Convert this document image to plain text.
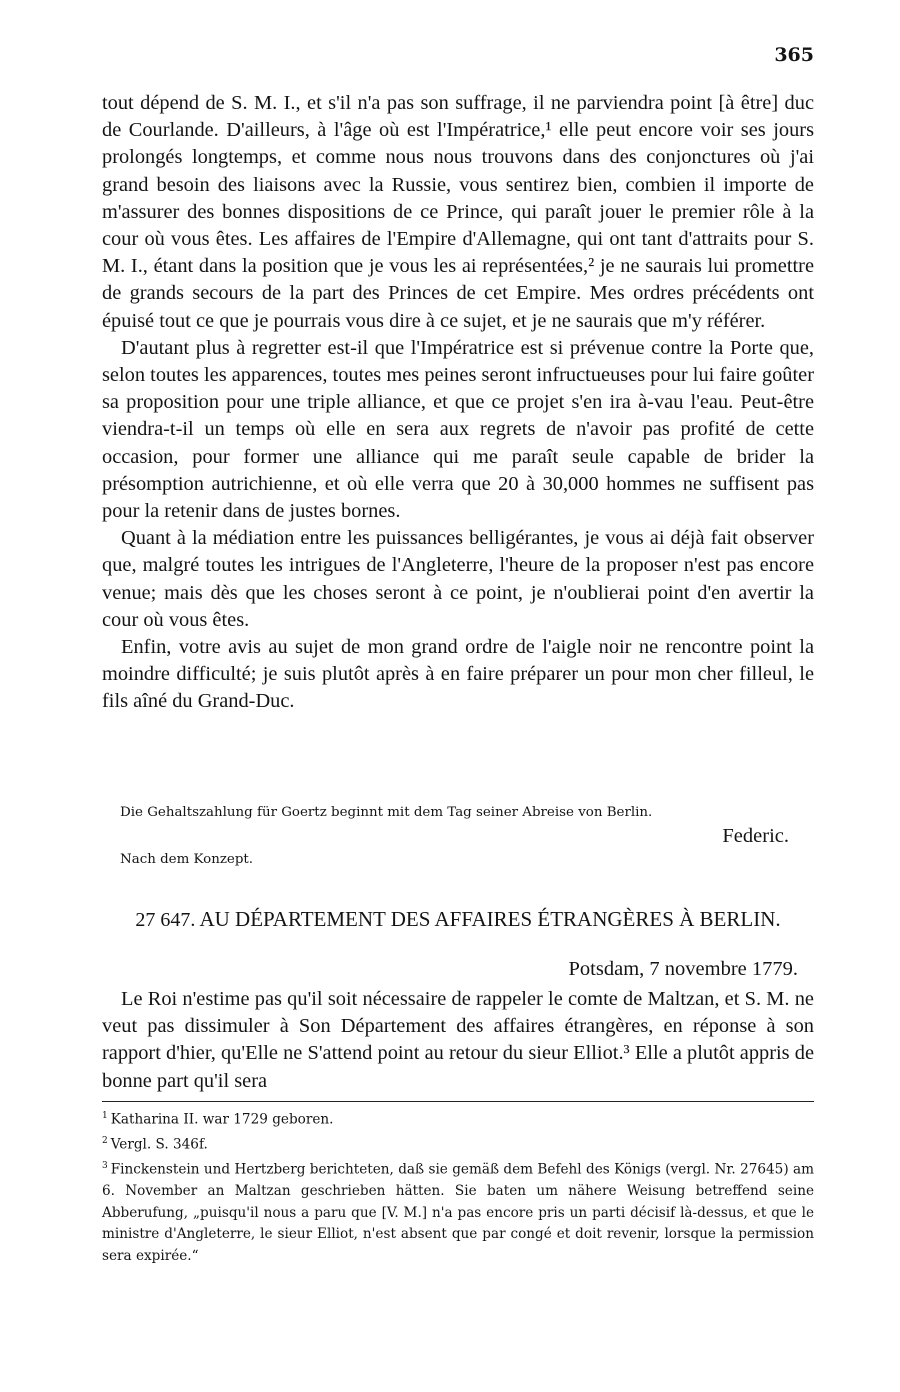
365

tout dépend de S. M. I., et s'il n'a pas son suffrage, il ne parviendra point [à être] duc de Courlande. D'ailleurs, à l'âge où est l'Impératrice,¹ elle peut encore voir ses jours prolongés longtemps, et comme nous nous trouvons dans des conjonctures où j'ai grand besoin des liaisons avec la Russie, vous sentirez bien, combien il importe de m'assurer des bonnes dispositions de ce Prince, qui paraît jouer le premier rôle à la cour où vous êtes. Les affaires de l'Empire d'Allemagne, qui ont tant d'attraits pour S. M. I., étant dans la position que je vous les ai représentées,² je ne saurais lui promettre de grands secours de la part des Princes de cet Empire. Mes ordres précédents ont épuisé tout ce que je pourrais vous dire à ce sujet, et je ne saurais que m'y référer.

D'autant plus à regretter est-il que l'Impératrice est si prévenue contre la Porte que, selon toutes les apparences, toutes mes peines seront infructueuses pour lui faire goûter sa proposition pour une triple alliance, et que ce projet s'en ira à-vau l'eau. Peut-être viendra-t-il un temps où elle en sera aux regrets de n'avoir pas profité de cette occasion, pour former une alliance qui me paraît seule capable de brider la présomption autrichienne, et où elle verra que 20 à 30,000 hommes ne suffisent pas pour la retenir dans de justes bornes.

Quant à la médiation entre les puissances belligérantes, je vous ai déjà fait observer que, malgré toutes les intrigues de l'Angleterre, l'heure de la proposer n'est pas encore venue; mais dès que les choses seront à ce point, je n'oublierai point d'en avertir la cour où vous êtes.

Enfin, votre avis au sujet de mon grand ordre de l'aigle noir ne rencontre point la moindre difficulté; je suis plutôt après à en faire préparer un pour mon cher filleul, le fils aîné du Grand-Duc.

Die Gehaltszahlung für Goertz beginnt mit dem Tag seiner Abreise von Berlin.
Federic.
Nach dem Konzept.
27 647. AU DÉPARTEMENT DES AFFAIRES ÉTRANGÈRES À BERLIN.
Potsdam, 7 novembre 1779.

Le Roi n'estime pas qu'il soit nécessaire de rappeler le comte de Maltzan, et S. M. ne veut pas dissimuler à Son Département des affaires étrangères, en réponse à son rapport d'hier, qu'Elle ne S'attend point au retour du sieur Elliot.³ Elle a plutôt appris de bonne part qu'il sera

$^1$ Katharina II. war 1729 geboren.

$^2$ Vergl. S. 346f.

$^3$ Finckenstein und Hertzberg berichteten, daß sie gemäß dem Befehl des Königs (vergl. Nr. 27645) am 6. November an Maltzan geschrieben hätten. Sie baten um nähere Weisung betreffend seine Abberufung, „puisqu'il nous a paru que [V. M.] n'a pas encore pris un parti décisif là-dessus, et que le ministre d'Angleterre, le sieur Elliot, n'est absent que par congé et doit revenir, lorsque la permission sera expirée.“
